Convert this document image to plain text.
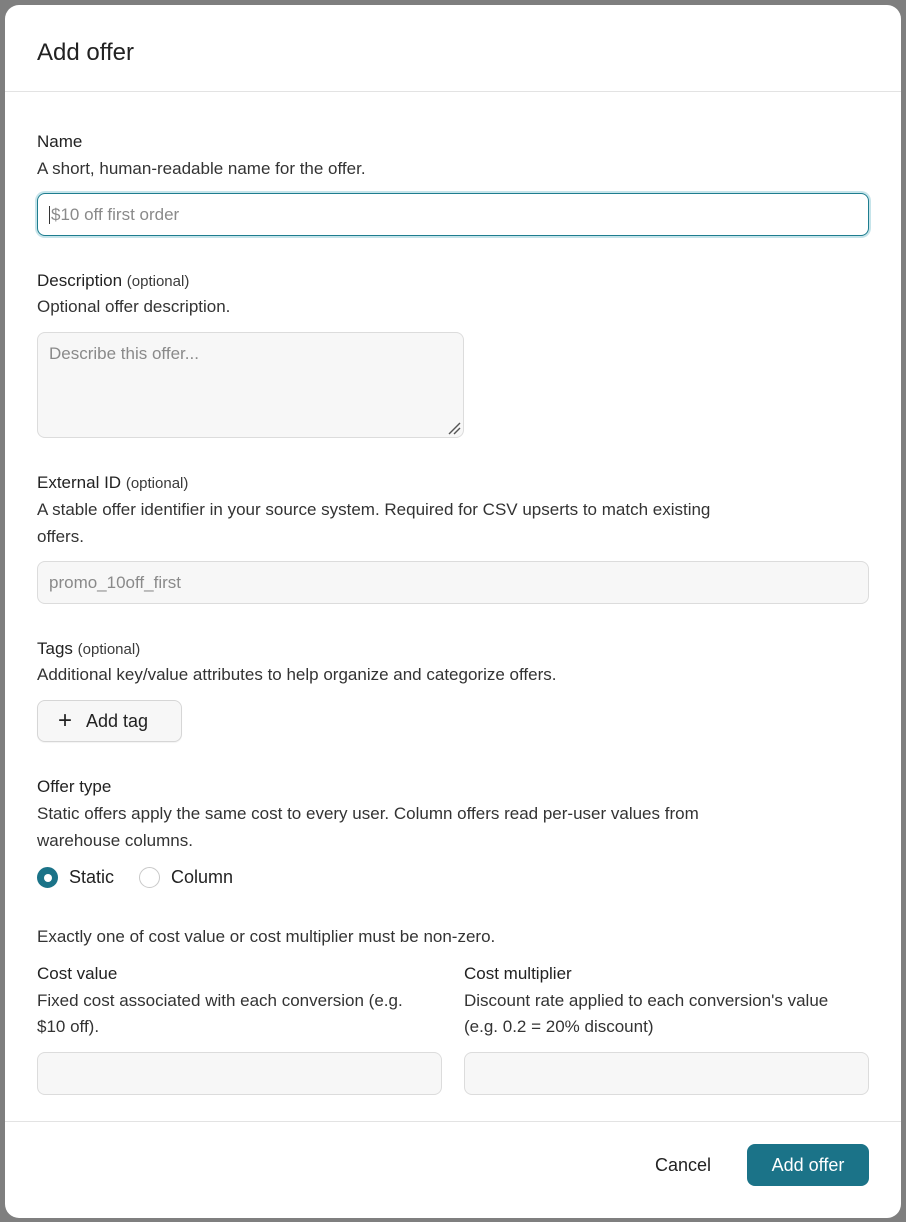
Add offer
Name
A short, human-readable name for the offer.
$10 off first order
Description (optional)
Optional offer description.
Describe this offer...
External ID (optional)
A stable offer identifier in your source system. Required for CSV upserts to match existing
offers.
promo_10off_first
Tags (optional)
Additional key/value attributes to help organize and categorize offers.
+ Add tag
Offer type
Static offers apply the same cost to every user. Column offers read per-user values from
warehouse columns.
Static	Column
Exactly one of cost value or cost multiplier must be non-zero.
Cost value
Fixed cost associated with each conversion (e.g.
$10 off).
Cost multiplier
Discount rate applied to each conversion's value
(e.g. 0.2 = 20% discount)
Cancel	Add offer
